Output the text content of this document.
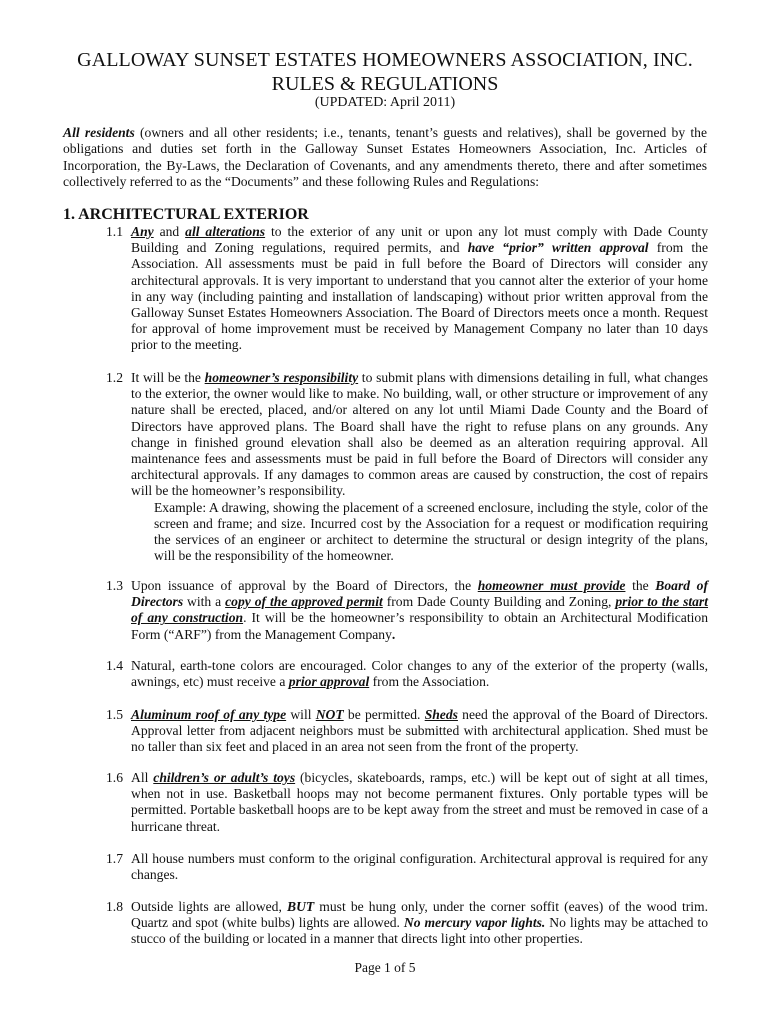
GALLOWAY SUNSET ESTATES HOMEOWNERS ASSOCIATION, INC.
RULES & REGULATIONS
(UPDATED: April 2011)
All residents (owners and all other residents; i.e., tenants, tenant’s guests and relatives), shall be governed by the obligations and duties set forth in the Galloway Sunset Estates Homeowners Association, Inc. Articles of Incorporation, the By-Laws, the Declaration of Covenants, and any amendments thereto, there and after sometimes collectively referred to as the “Documents” and these following Rules and Regulations:
1. ARCHITECTURAL EXTERIOR
1.1 Any and all alterations to the exterior of any unit or upon any lot must comply with Dade County Building and Zoning regulations, required permits, and have “prior” written approval from the Association. All assessments must be paid in full before the Board of Directors will consider any architectural approvals. It is very important to understand that you cannot alter the exterior of your home in any way (including painting and installation of landscaping) without prior written approval from the Galloway Sunset Estates Homeowners Association. The Board of Directors meets once a month. Request for approval of home improvement must be received by Management Company no later than 10 days prior to the meeting.
1.2 It will be the homeowner’s responsibility to submit plans with dimensions detailing in full, what changes to the exterior, the owner would like to make. No building, wall, or other structure or improvement of any nature shall be erected, placed, and/or altered on any lot until Miami Dade County and the Board of Directors have approved plans. The Board shall have the right to refuse plans on any grounds. Any change in finished ground elevation shall also be deemed as an alteration requiring approval. All maintenance fees and assessments must be paid in full before the Board of Directors will consider any architectural approvals. If any damages to common areas are caused by construction, the cost of repairs will be the homeowner’s responsibility.
Example: A drawing, showing the placement of a screened enclosure, including the style, color of the screen and frame; and size. Incurred cost by the Association for a request or modification requiring the services of an engineer or architect to determine the structural or design integrity of the plans, will be the responsibility of the homeowner.
1.3 Upon issuance of approval by the Board of Directors, the homeowner must provide the Board of Directors with a copy of the approved permit from Dade County Building and Zoning, prior to the start of any construction. It will be the homeowner’s responsibility to obtain an Architectural Modification Form (“ARF”) from the Management Company.
1.4 Natural, earth-tone colors are encouraged. Color changes to any of the exterior of the property (walls, awnings, etc) must receive a prior approval from the Association.
1.5 Aluminum roof of any type will NOT be permitted. Sheds need the approval of the Board of Directors. Approval letter from adjacent neighbors must be submitted with architectural application. Shed must be no taller than six feet and placed in an area not seen from the front of the property.
1.6 All children’s or adult’s toys (bicycles, skateboards, ramps, etc.) will be kept out of sight at all times, when not in use. Basketball hoops may not become permanent fixtures. Only portable types will be permitted. Portable basketball hoops are to be kept away from the street and must be removed in case of a hurricane threat.
1.7 All house numbers must conform to the original configuration. Architectural approval is required for any changes.
1.8 Outside lights are allowed, BUT must be hung only, under the corner soffit (eaves) of the wood trim. Quartz and spot (white bulbs) lights are allowed. No mercury vapor lights. No lights may be attached to stucco of the building or located in a manner that directs light into other properties.
Page 1 of 5
